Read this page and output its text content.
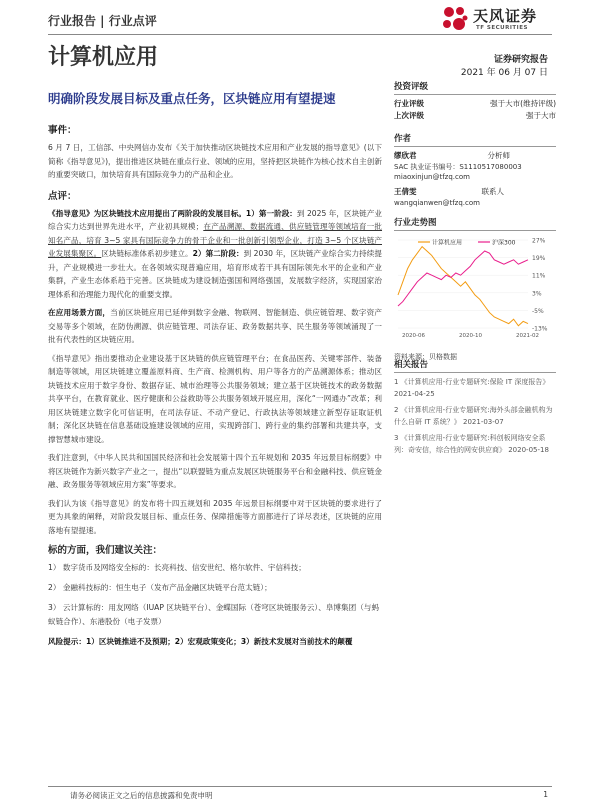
行业报告 | 行业点评	天风证券
TF SECURITIES
计算机应用	证券研究报告
2021 年 06 月 07 日
明确阶段发展目标及重点任务，区块链应用有望提速
事件：
6 月 7 日，工信部、中央网信办发布《关于加快推动区块链技术应用和产业发展的指导意见》(以下简称《指导意见》)，提出推进区块链在重点行业、领域的应用，坚持把区块链作为核心技术自主创新的重要突破口，加快培育具有国际竞争力的产品和企业。
点评：
《指导意见》为区块链技术应用提出了两阶段的发展目标。1）第一阶段：到 2025 年，区块链产业综合实力达到世界先进水平，产业初具规模；在产品溯源、数据流通、供应链管理等领域培育一批知名产品，培育 3~5 家具有国际竞争力的骨干企业和一批创新引领型企业，打造 3~5 个区块链产业发展集聚区。区块链标准体系初步建立。2）第二阶段：到 2030 年，区块链产业综合实力持续提升，产业规模进一步壮大。在各领域实现普遍应用，培育形成若干具有国际领先水平的企业和产业集群，产业生态体系趋于完善。区块链成为建设制造强国和网络强国，发展数字经济，实现国家治理体系和治理能力现代化的重要支撑。
在应用场景方面，当前区块链应用已延伸到数字金融、物联网、智能制造、供应链管理、数字资产交易等多个领域，在防伪溯源、供应链管理、司法存证、政务数据共享、民生服务等领域涌现了一批有代表性的区块链应用。
《指导意见》指出要推动企业建设基于区块链的供应链管理平台；在食品医药、关键零部件、装备制造等领域，用区块链建立覆盖原料商、生产商、检测机构、用户等各方的产品溯源体系；推动区块链技术应用于数字身份、数据存证、城市治理等公共服务领域；建立基于区块链技术的政务数据共享平台，在教育就业、医疗健康和公益救助等公共服务领域开展应用，深化“一网通办”改革；利用区块链建立数字化可信证明，在司法存证、不动产登记、行政执法等领域建立新型存证取证机制；深化区块链在信息基础设施建设领域的应用，实现跨部门、跨行业的集约部署和共建共享，支撑智慧城市建设。
我们注意到，《中华人民共和国国民经济和社会发展第十四个五年规划和 2035 年远景目标纲要》中将区块链作为新兴数字产业之一，提出“以联盟链为重点发展区块链服务平台和金融科技、供应链金融、政务服务等领域应用方案”等要求。
我们认为该《指导意见》的发布将十四五规划和 2035 年远景目标纲要中对于区块链的要求进行了更为具象的阐释，对阶段发展目标、重点任务、保障措施等方面都进行了详尽表述，区块链的应用落地有望提速。
标的方面，我们建议关注：
1） 数字货币及网络安全标的：长亮科技、信安世纪、格尔软件、宇信科技；
2） 金融科技标的：恒生电子（发布产品金融区块链平台范太链）；
3） 云计算标的：用友网络（IUAP 区块链平台）、金蝶国际（苍穹区块链服务云）、阜博集团（与蚂蚁链合作）、东港股份（电子发票）
风险提示：1）区块链推进不及预期；2）宏观政策变化；3）新技术发展对当前技术的颠覆
投资评级
行业评级	强于大市(维持评级)
上次评级	强于大市
作者
缪欣君	分析师
SAC 执业证书编号：S1110517080003
miaoxinjun@tfzq.com
王倩雯	联系人
wangqianwen@tfzq.com
行业走势图
27%
19%
11%
3%
-5%
-13%
2020-06	2020-10	2021-02
计算机应用	沪深300
资料来源：贝格数据
相关报告
1 《计算机应用-行业专题研究:保险 IT 深度报告》 2021-04-25
2 《计算机应用-行业专题研究:海外头部金融机构为什么自研 IT 系统？》 2021-03-07
3 《计算机应用-行业专题研究:科创板网络安全系列：奇安信，综合性的网安供应商》 2020-05-18
请务必阅读正文之后的信息披露和免责申明	1
